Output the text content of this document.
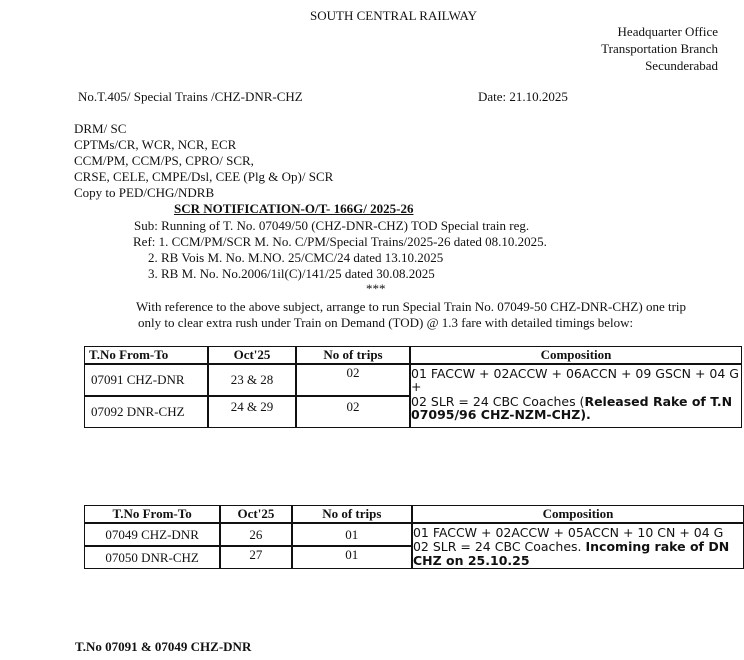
SOUTH CENTRAL RAILWAY
Headquarter Office
Transportation Branch
Secunderabad
No.T.405/ Special Trains /CHZ-DNR-CHZ	Date: 21.10.2025
DRM/ SC
CPTMs/CR, WCR, NCR, ECR
CCM/PM, CCM/PS, CPRO/ SCR,
CRSE, CELE, CMPE/Dsl, CEE (Plg & Op)/ SCR
Copy to PED/CHG/NDRB
SCR NOTIFICATION-O/T- 166G/ 2025-26
Sub: Running of T. No. 07049/50 (CHZ-DNR-CHZ) TOD Special train reg.
Ref: 1. CCM/PM/SCR M. No. C/PM/Special Trains/2025-26 dated 08.10.2025.
2. RB Vois M. No. M.NO. 25/CMC/24 dated 13.10.2025
3. RB M. No. No.2006/1il(C)/141/25 dated 30.08.2025
***
With reference to the above subject, arrange to run Special Train No. 07049-50 CHZ-DNR-CHZ) one trip
only to clear extra rush under Train on Demand (TOD) @ 1.3 fare with detailed timings below:
T.No From-To	Oct'25	No of trips	Composition
07091 CHZ-DNR	23 & 28	02	01 FACCW + 02ACCW + 06ACCN + 09 GSCN + 04 G
+
02 SLR = 24 CBC Coaches (Released Rake of T.N
07095/96 CHZ-NZM-CHZ).

07092 DNR-CHZ	24 & 29	02	
T.No From-To	Oct'25	No of trips	Composition
07049 CHZ-DNR	26	01	01 FACCW + 02ACCW + 05ACCN + 10 CN + 04 G
02 SLR = 24 CBC Coaches. Incoming rake of DN
CHZ on 25.10.25

07050 DNR-CHZ	27	01	
T.No 07091 & 07049 CHZ-DNR
